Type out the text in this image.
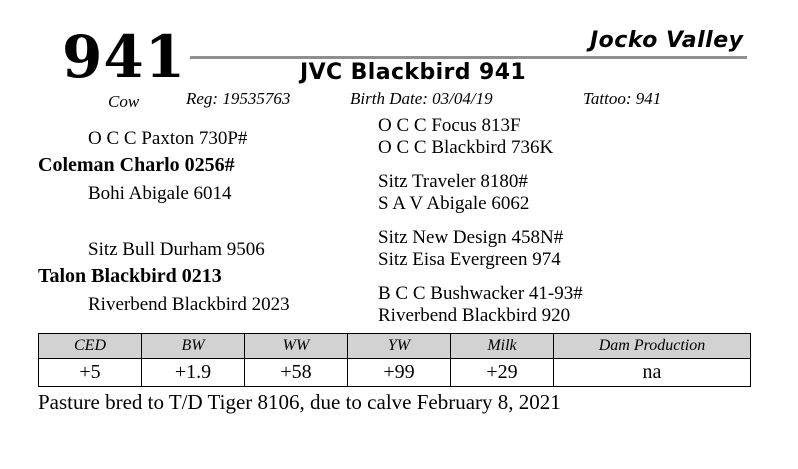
941
Cow
Jocko Valley
JVC Blackbird 941
Reg: 19535763	Birth Date: 03/04/19	Tattoo: 941
O C C Paxton 730P#
Coleman Charlo 0256#
Bohi Abigale 6014
Sitz Bull Durham 9506
Talon Blackbird 0213
Riverbend Blackbird 2023
O C C Focus 813F
O C C Blackbird 736K
Sitz Traveler 8180#
S A V Abigale 6062
Sitz New Design 458N#
Sitz Eisa Evergreen 974
B C C Bushwacker 41-93#
Riverbend Blackbird 920
CED	BW	WW	YW	Milk	Dam Production
+5	+1.9	+58	+99	+29	na
Pasture bred to T/D Tiger 8106, due to calve February 8, 2021
